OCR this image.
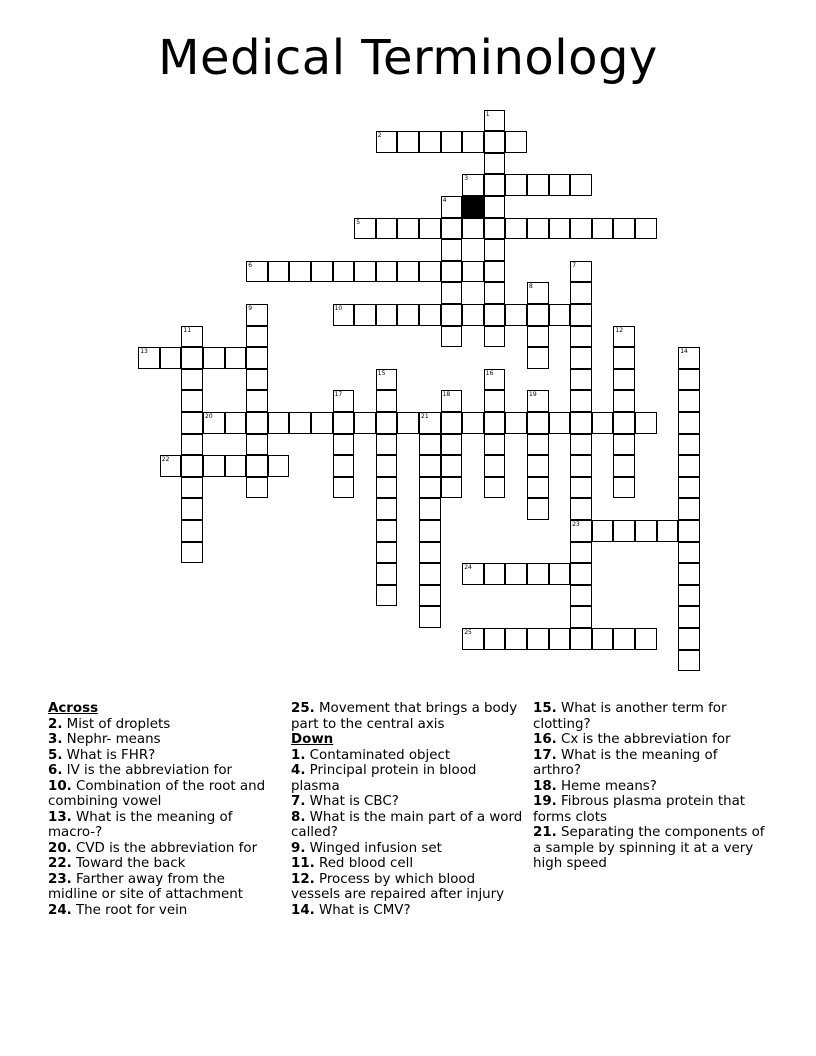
Medical Terminology
1
2
3
4
5
6	7
23
8
9	10
11	12
13	14
15	16
17	18	19
20	21
22
24
25
Across
2. Mist of droplets
3. Nephr- means
5. What is FHR?
6. IV is the abbreviation for
10. Combination of the root and combining vowel
13. What is the meaning of macro-?
20. CVD is the abbreviation for
22. Toward the back
23. Farther away from the midline or site of attachment
24. The root for vein
25. Movement that brings a body part to the central axis
Down
1. Contaminated object
4. Principal protein in blood plasma
7. What is CBC?
8. What is the main part of a word called?
9. Winged infusion set
11. Red blood cell
12. Process by which blood vessels are repaired after injury
14. What is CMV?
15. What is another term for clotting?
16. Cx is the abbreviation for
17. What is the meaning of arthro?
18. Heme means?
19. Fibrous plasma protein that forms clots
21. Separating the components of a sample by spinning it at a very high speed
